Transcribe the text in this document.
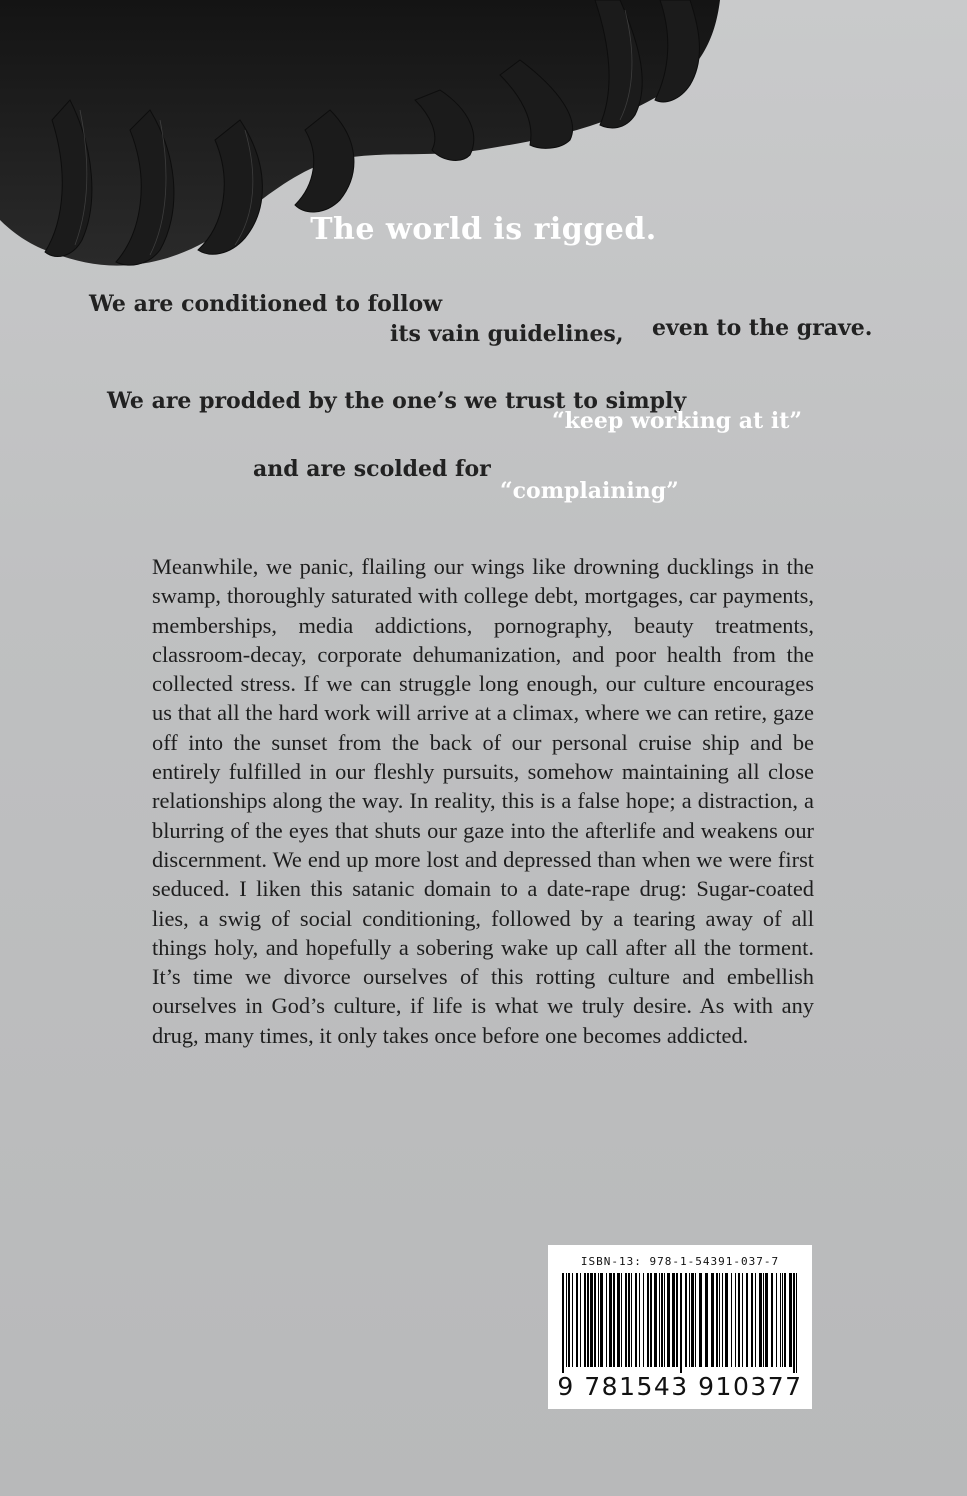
The world is rigged.
We are conditioned to follow
its vain guidelines, even to the grave.
We are prodded by the one’s we trust to simply
“keep working at it”
and are scolded for
“complaining”
Meanwhile, we panic, flailing our wings like drowning ducklings in the swamp, thoroughly saturated with college debt, mortgages, car payments, memberships, media addictions, pornography, beauty treatments, classroom-decay, corporate dehumanization, and poor health from the collected stress. If we can struggle long enough, our culture encourages us that all the hard work will arrive at a climax, where we can retire, gaze off into the sunset from the back of our personal cruise ship and be entirely fulfilled in our fleshly pursuits, somehow maintaining all close relationships along the way. In reality, this is a false hope; a distraction, a blurring of the eyes that shuts our gaze into the afterlife and weakens our discernment. We end up more lost and depressed than when we were first seduced. I liken this satanic domain to a date-rape drug: Sugar-coated lies, a swig of social conditioning, followed by a tearing away of all things holy, and hopefully a sobering wake up call after all the torment. It’s time we divorce ourselves of this rotting culture and embellish ourselves in God’s culture, if life is what we truly desire. As with any drug, many times, it only takes once before one becomes addicted.
ISBN-13: 978-1-54391-037-7
9 781543 910377
